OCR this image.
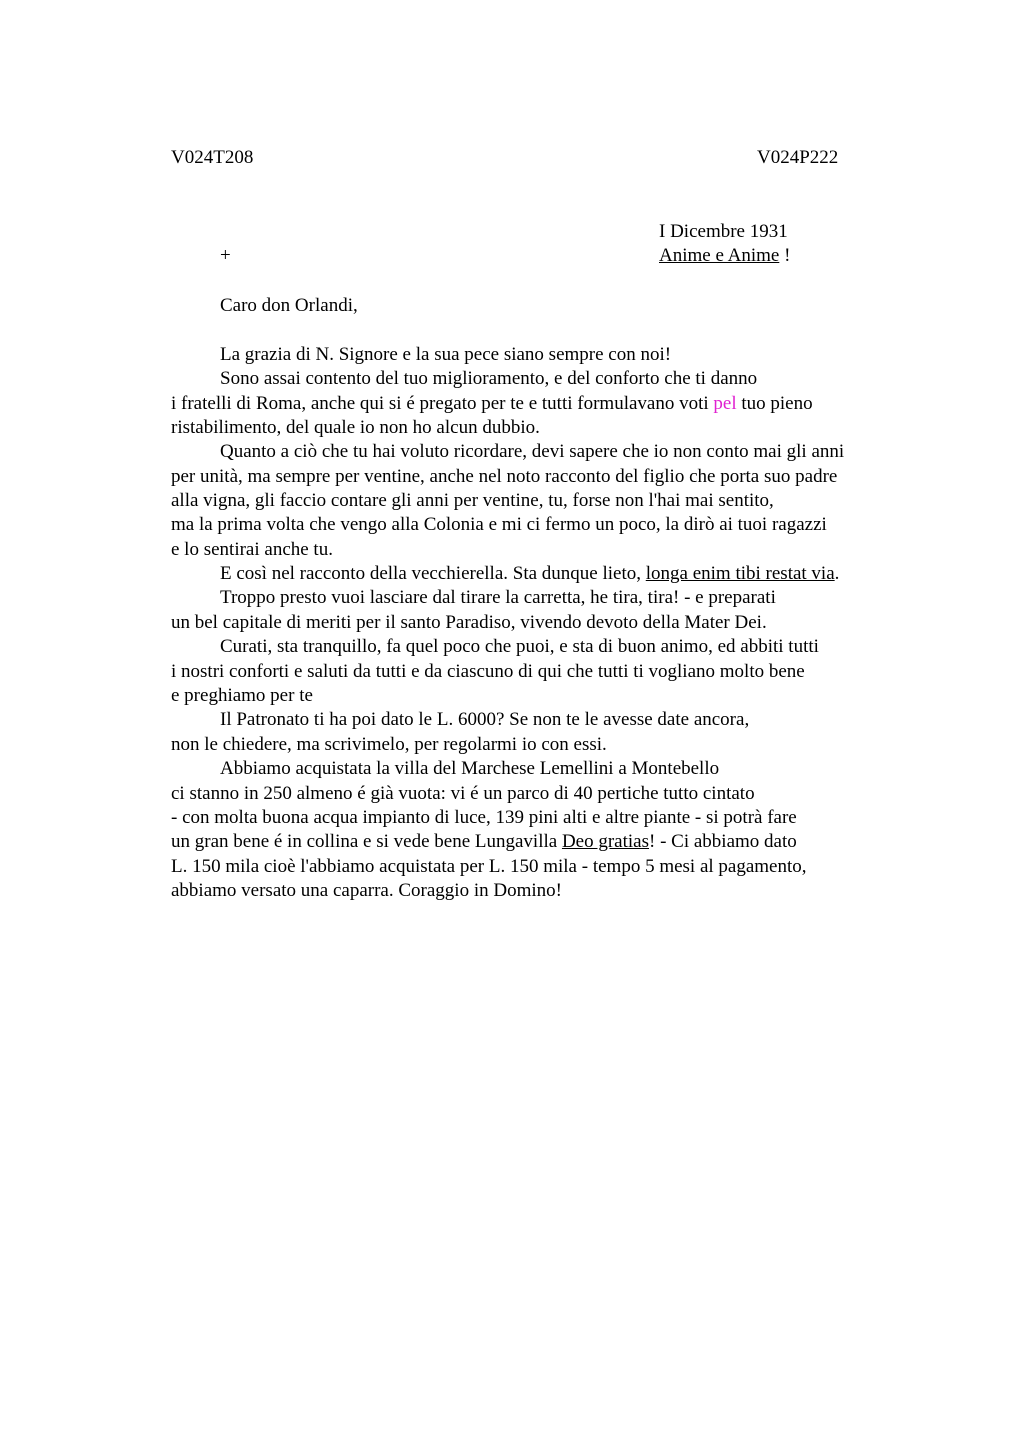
V024T208	V024P222
I Dicembre 1931
+	Anime e Anime !
Caro don Orlandi,
La grazia di N. Signore e la sua pece siano sempre con noi!
Sono assai contento del tuo miglioramento, e del conforto che ti danno
i fratelli di Roma, anche qui si é pregato per te e tutti formulavano voti pel tuo pieno
ristabilimento, del quale io non ho alcun dubbio.
Quanto a ciò che tu hai voluto ricordare, devi sapere che io non conto mai gli anni
per unità, ma sempre per ventine, anche nel noto racconto del figlio che porta suo padre
alla vigna, gli faccio contare gli anni per ventine, tu, forse non l'hai mai sentito,
ma la prima volta che vengo alla Colonia e mi ci fermo un poco, la dirò ai tuoi ragazzi
e lo sentirai anche tu.
E così nel racconto della vecchierella. Sta dunque lieto, longa enim tibi restat via.
Troppo presto vuoi lasciare dal tirare la carretta, he tira, tira! - e preparati
un bel capitale di meriti per il santo Paradiso, vivendo devoto della Mater Dei.
Curati, sta tranquillo, fa quel poco che puoi, e sta di buon animo, ed abbiti tutti
i nostri conforti e saluti da tutti e da ciascuno di qui che tutti ti vogliano molto bene
e preghiamo per te
Il Patronato ti ha poi dato le L. 6000? Se non te le avesse date ancora,
non le chiedere, ma scrivimelo, per regolarmi io con essi.
Abbiamo acquistata la villa del Marchese Lemellini a Montebello
ci stanno in 250 almeno é già vuota: vi é un parco di 40 pertiche tutto cintato
- con molta buona acqua impianto di luce, 139 pini alti e altre piante - si potrà fare
un gran bene é in collina e si vede bene Lungavilla Deo gratias! - Ci abbiamo dato
L. 150 mila cioè l'abbiamo acquistata per L. 150 mila - tempo 5 mesi al pagamento,
abbiamo versato una caparra. Coraggio in Domino!
